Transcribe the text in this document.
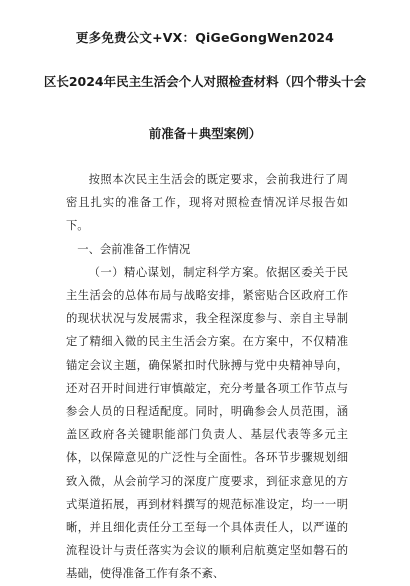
更多免费公文+VX：QiGeGongWen2024
区长2024年民主生活会个人对照检查材料（四个带头十会
前准备＋典型案例）

按照本次民主生活会的既定要求，会前我进行了周密且扎实的准备工作，现将对照检查情况详尽报告如下。

一、会前准备工作情况

（一）精心谋划，制定科学方案。依据区委关于民主生活会的总体布局与战略安排，紧密贴合区政府工作的现状状况与发展需求，我全程深度参与、亲自主导制定了精细入微的民主生活会方案。在方案中，不仅精准锚定会议主题，确保紧扣时代脉搏与党中央精神导向，还对召开时间进行审慎敲定，充分考量各项工作节点与参会人员的日程适配度。同时，明确参会人员范围，涵盖区政府各关键职能部门负责人、基层代表等多元主体，以保障意见的广泛性与全面性。各环节步骤规划细致入微，从会前学习的深度广度要求，到征求意见的方式渠道拓展，再到材料撰写的规范标准设定，均一一明晰，并且细化责任分工至每一个具体责任人，以严谨的流程设计与责任落实为会议的顺利启航奠定坚如磐石的基础，使得准备工作有条不紊、
